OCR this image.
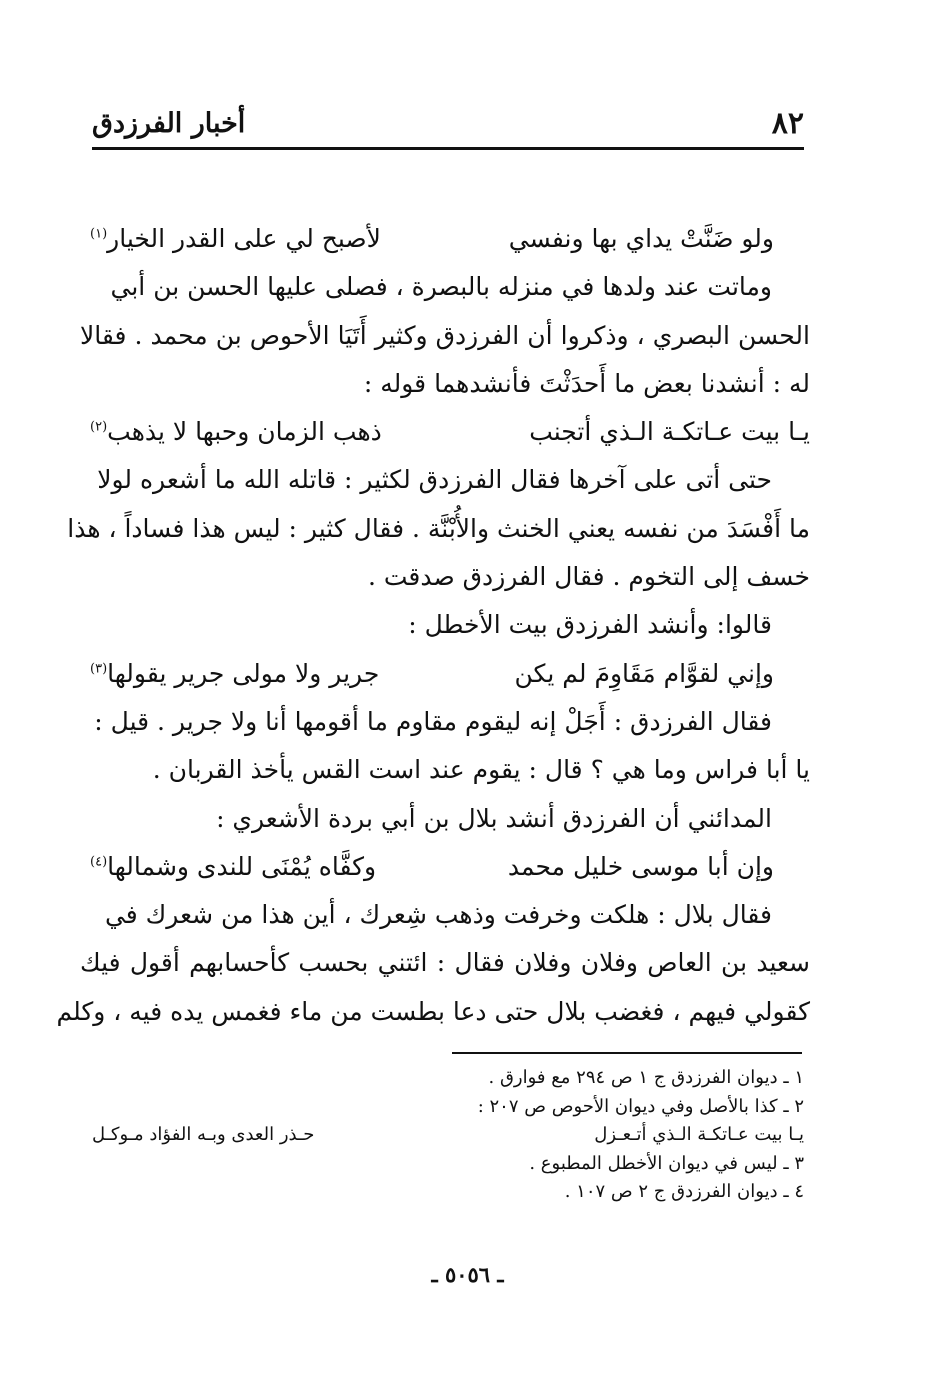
٨٢
أخبار الفرزدق
ولو ضَنَّتْ يداي بها ونفسي
لأصبح لي على القدر الخيار$^{(١)}$
وماتت عند ولدها في منزله بالبصرة ، فصلى عليها الحسن بن أبي
الحسن البصري ، وذكروا أن الفرزدق وكثير أَتَيَا الأحوص بن محمد . فقالا
له : أنشدنا بعض ما أَحدَثْتَ فأنشدهما قوله :
يـا بيت عـاتكـة الـذي أتجنب
ذهب الزمان وحبها لا يذهب$^{(٢)}$
حتى أتى على آخرها فقال الفرزدق لكثير : قاتله الله ما أشعره لولا
ما أَفْسَدَ من نفسه يعني الخنث والأُبْنَّة . فقال كثير : ليس هذا فساداً ، هذا
خسف إلى التخوم . فقال الفرزدق صدقت .
قالوا: وأنشد الفرزدق بيت الأخطل :
وإني لقوَّام مَقَاوِمَ لم يكن
جرير ولا مولى جرير يقولها$^{(٣)}$
فقال الفرزدق : أَجَلْ إنه ليقوم مقاوم ما أقومها أنا ولا جرير . قيل :
يا أبا فراس وما هي ؟ قال : يقوم عند است القس يأخذ القربان .
المدائني أن الفرزدق أنشد بلال بن أبي بردة الأشعري :
وإن أبا موسى خليل محمد
وكفَّاه يُمْنَى للندى وشمالها$^{(٤)}$
فقال بلال : هلكت وخرفت وذهب شِعرك ، أين هذا من شعرك في
سعيد بن العاص وفلان وفلان فقال : ائتني بحسب كأحسابهم أقول فيك
كقولي فيهم ، فغضب بلال حتى دعا بطست من ماء فغمس يده فيه ، وكلم
١ ـ ديوان الفرزدق ج ١ ص ٢٩٤ مع فوارق .
٢ ـ كذا بالأصل وفي ديوان الأحوص ص ٢٠٧ :
يـا بيت عـاتكـة الـذي أتـعـزل
حـذر العدى وبـه الفؤاد مـوكـل
٣ ـ ليس في ديوان الأخطل المطبوع .
٤ ـ ديوان الفرزدق ج ٢ ص ١٠٧ .
ـ ٥٠٥٦ ـ
